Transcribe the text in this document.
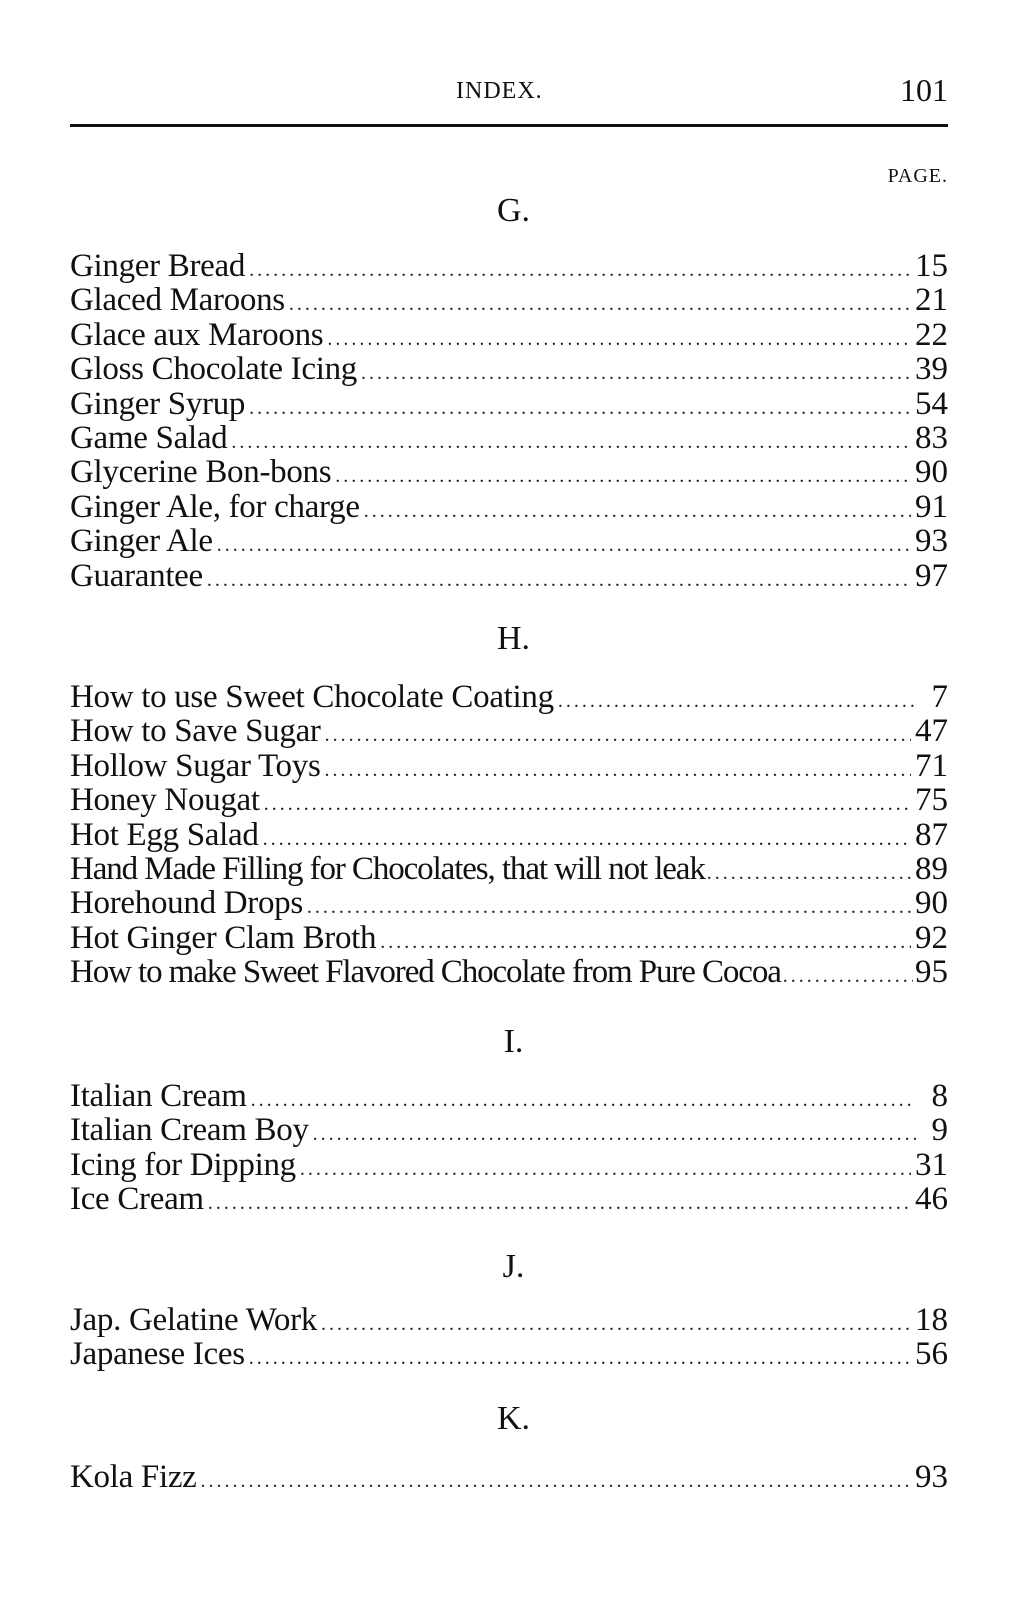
INDEX.	101
PAGE.
G.
Ginger Bread .....	15
Glaced Maroons .....	21
Glace aux Maroons .....	22
Gloss Chocolate Icing .....	39
Ginger Syrup .....	54
Game Salad .....	83
Glycerine Bon-bons .....	90
Ginger Ale, for charge .....	91
Ginger Ale .....	93
Guarantee .....	97
H.
How to use Sweet Chocolate Coating .....	7
How to Save Sugar .....	47
Hollow Sugar Toys .....	71
Honey Nougat .....	75
Hot Egg Salad .....	87
Hand Made Filling for Chocolates, that will not leak .....	89
Horehound Drops .....	90
Hot Ginger Clam Broth .....	92
How to make Sweet Flavored Chocolate from Pure Cocoa .....	95
I.
Italian Cream .....	8
Italian Cream Boy .....	9
Icing for Dipping .....	31
Ice Cream .....	46
J.
Jap. Gelatine Work .....	18
Japanese Ices .....	56
K.
Kola Fizz .....	93
